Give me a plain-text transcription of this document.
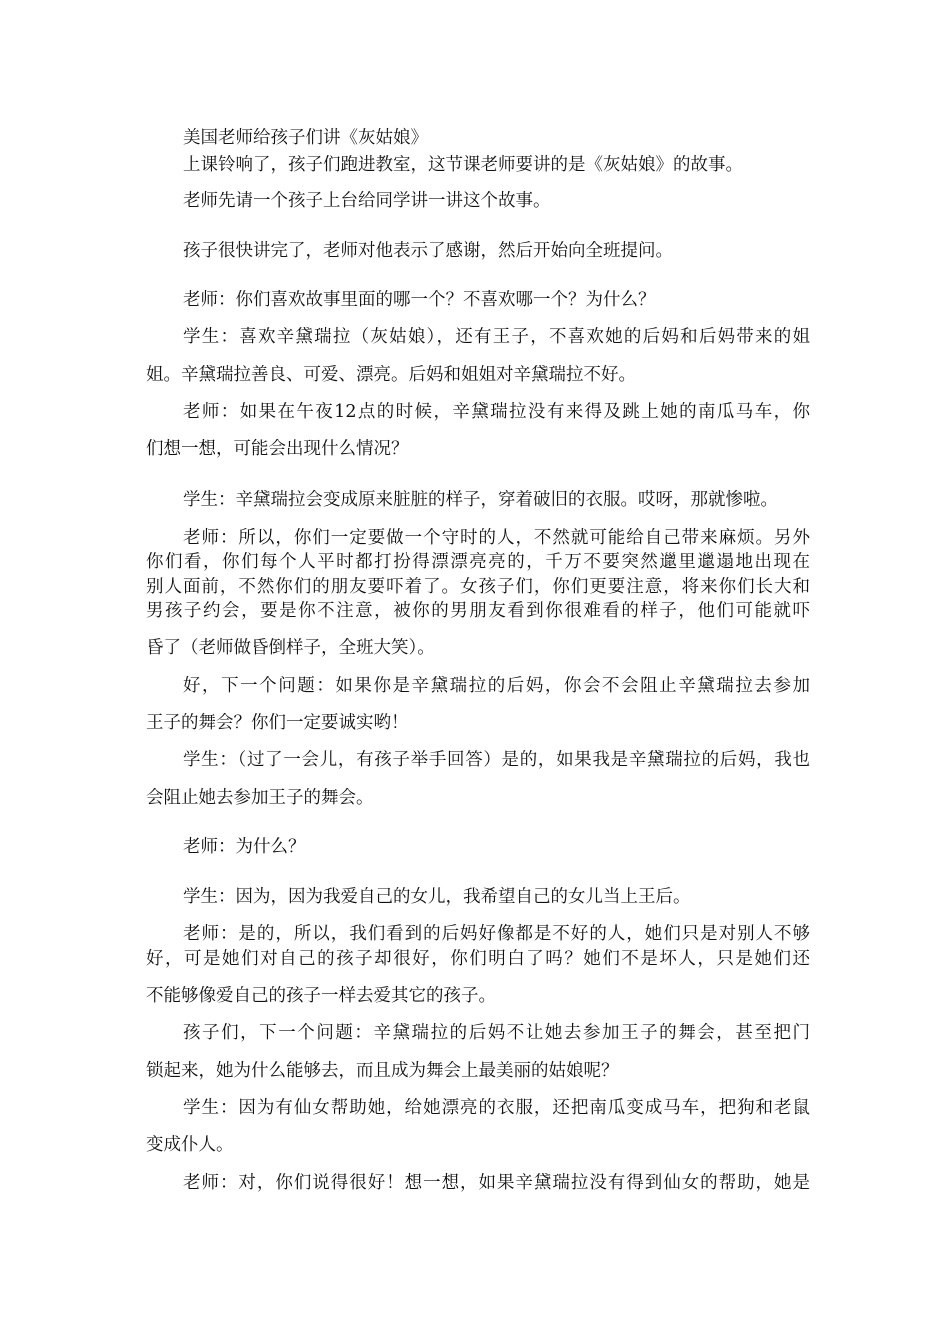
美国老师给孩子们讲《灰姑娘》
上课铃响了，孩子们跑进教室，这节课老师要讲的是《灰姑娘》的故事。
老师先请一个孩子上台给同学讲一讲这个故事。
孩子很快讲完了，老师对他表示了感谢，然后开始向全班提问。
老师：你们喜欢故事里面的哪一个？不喜欢哪一个？为什么？
学生：喜欢辛黛瑞拉（灰姑娘），还有王子，不喜欢她的后妈和后妈带来的姐
姐。辛黛瑞拉善良、可爱、漂亮。后妈和姐姐对辛黛瑞拉不好。
老师：如果在午夜12点的时候，辛黛瑞拉没有来得及跳上她的南瓜马车，你
们想一想，可能会出现什么情况？
学生：辛黛瑞拉会变成原来脏脏的样子，穿着破旧的衣服。哎呀，那就惨啦。
老师：所以，你们一定要做一个守时的人，不然就可能给自己带来麻烦。另外
你们看，你们每个人平时都打扮得漂漂亮亮的，千万不要突然邋里邋遢地出现在
别人面前，不然你们的朋友要吓着了。女孩子们，你们更要注意，将来你们长大和
男孩子约会，要是你不注意，被你的男朋友看到你很难看的样子，他们可能就吓
昏了（老师做昏倒样子，全班大笑）。
好，下一个问题：如果你是辛黛瑞拉的后妈，你会不会阻止辛黛瑞拉去参加
王子的舞会？你们一定要诚实哟！
学生：（过了一会儿，有孩子举手回答）是的，如果我是辛黛瑞拉的后妈，我也
会阻止她去参加王子的舞会。
老师：为什么？
学生：因为，因为我爱自己的女儿，我希望自己的女儿当上王后。
老师：是的，所以，我们看到的后妈好像都是不好的人，她们只是对别人不够
好，可是她们对自己的孩子却很好，你们明白了吗？她们不是坏人，只是她们还
不能够像爱自己的孩子一样去爱其它的孩子。
孩子们，下一个问题：辛黛瑞拉的后妈不让她去参加王子的舞会，甚至把门
锁起来，她为什么能够去，而且成为舞会上最美丽的姑娘呢？
学生：因为有仙女帮助她，给她漂亮的衣服，还把南瓜变成马车，把狗和老鼠
变成仆人。
老师：对，你们说得很好！想一想，如果辛黛瑞拉没有得到仙女的帮助，她是
